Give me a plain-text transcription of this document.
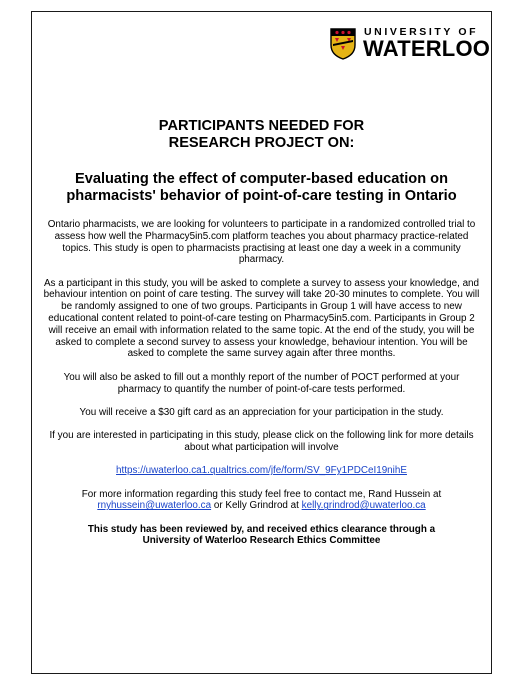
UNIVERSITY OF
WATERLOO
PARTICIPANTS NEEDED FOR
RESEARCH PROJECT ON:
Evaluating the effect of computer-based education on pharmacists' behavior of point-of-care testing in Ontario

Ontario pharmacists, we are looking for volunteers to participate in a randomized controlled trial to assess how well the Pharmacy5in5.com platform teaches you about pharmacy practice-related topics. This study is open to pharmacists practising at least one day a week in a community pharmacy.

As a participant in this study, you will be asked to complete a survey to assess your knowledge, and behaviour intention on point of care testing. The survey will take 20-30 minutes to complete. You will be randomly assigned to one of two groups. Participants in Group 1 will have access to new educational content related to point-of-care testing on Pharmacy5in5.com. Participants in Group 2 will receive an email with information related to the same topic. At the end of the study, you will be asked to complete a second survey to assess your knowledge, behaviour intention. You will be asked to complete the same survey again after three months.

You will also be asked to fill out a monthly report of the number of POCT performed at your pharmacy to quantify the number of point-of-care tests performed.

You will receive a $30 gift card as an appreciation for your participation in the study.

If you are interested in participating in this study, please click on the following link for more details about what participation will involve

https://uwaterloo.ca1.qualtrics.com/jfe/form/SV_9Fy1PDCeI19nihE

For more information regarding this study feel free to contact me, Rand Hussein at rnyhussein@uwaterloo.ca or Kelly Grindrod at kelly.grindrod@uwaterloo.ca

This study has been reviewed by, and received ethics clearance through a University of Waterloo Research Ethics Committee
